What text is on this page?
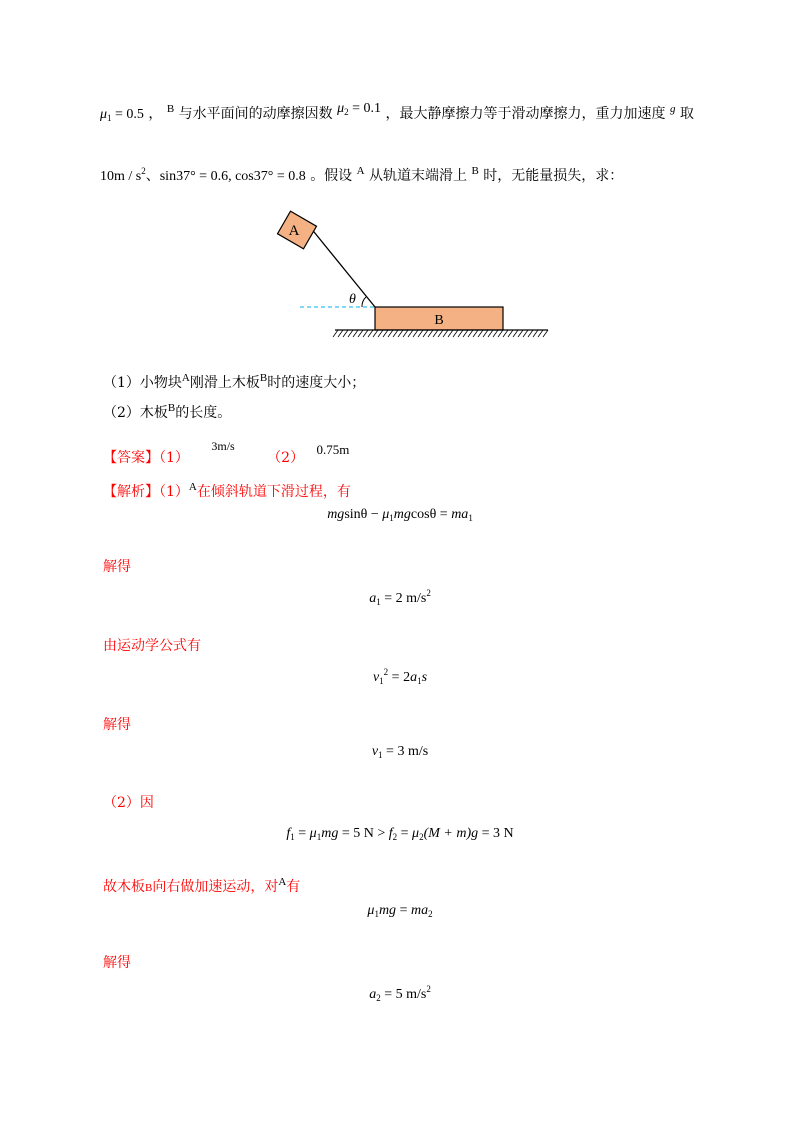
$\mu_1 = 0.5$ ， $^B$ 与水平面间的动摩擦因数 $\mu_2 = 0.1$ ，最大静摩擦力等于滑动摩擦力，重力加速度 $^g$ 取
$10m / s^2$、sin37° = 0.6, cos37° = 0.8 。假设 $^A$ 从轨道末端滑上 $^B$ 时，无能量损失，求：
A
θ
B
（1）小物块$^A$刚滑上木板$^B$时的速度大小；
（2）木板$^B$的长度。
【答案】（1） 3m/s （2） 0.75m
【解析】$(1)^A$在倾斜轨道下滑过程，有
$mgsin\theta - \mu_1mgcos\theta = ma_1$
解得
$a_1 = 2$ $m/s^2$
由运动学公式有
$v_1^2 = 2a_1s$
解得
$v_1 = 3$ m/s
（2）因
$f_1 = \mu_1mg = 5$ $N > f_2 = \mu_2(M + m)g = 3$ N
故木板B向右做加速运动，对$^A$有
$\mu_1mg = ma_2$
解得
$a_2 = 5$ $m/s^2$
